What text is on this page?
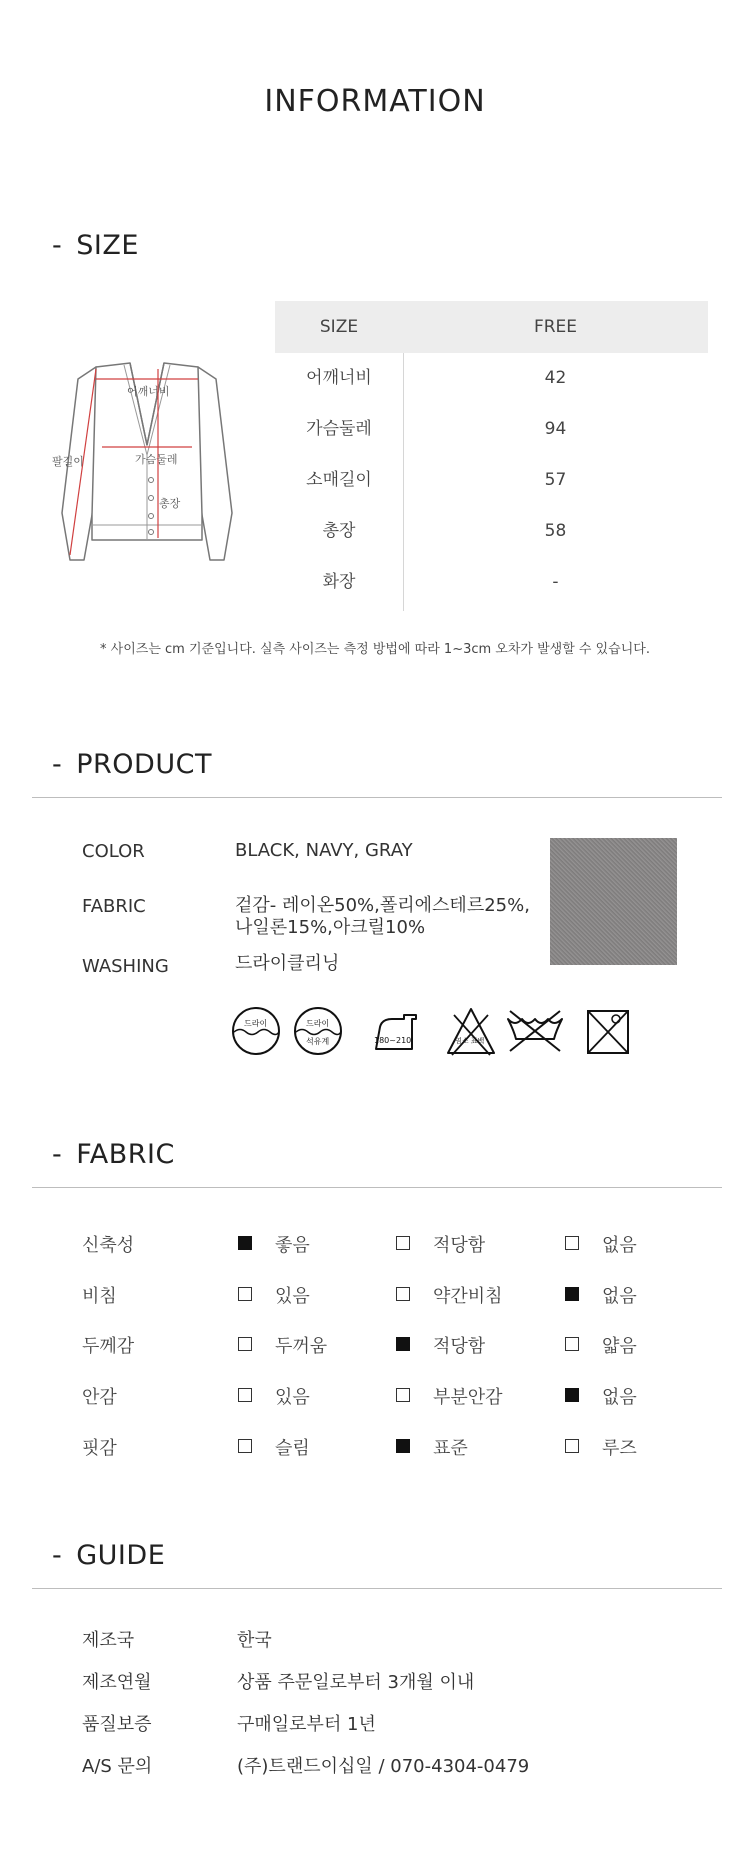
INFORMATION
- SIZE
어깨너비
가슴둘레
팔길이
총장
SIZE	FREE
어깨너비	42
가슴둘레	94
소매길이	57
총장	58
화장	-
* 사이즈는 cm 기준입니다. 실측 사이즈는 측정 방법에 따라 1~3cm 오차가 발생할 수 있습니다.
- PRODUCT
COLOR	BLACK, NAVY, GRAY
FABRIC	겉감- 레이온50%,폴리에스테르25%,
나일론15%,아크릴10%
WASHING	드라이클리닝
드라이	드라이
석유계	180~210	염소 표백
- FABRIC
신축성	좋음	적당함	없음
비침	있음	약간비침	없음
두께감	두꺼움	적당함	얇음
안감	있음	부분안감	없음
핏감	슬림	표준	루즈
- GUIDE
제조국	한국
제조연월	상품 주문일로부터 3개월 이내
품질보증	구매일로부터 1년
A/S 문의	(주)트랜드이십일 / 070-4304-0479
